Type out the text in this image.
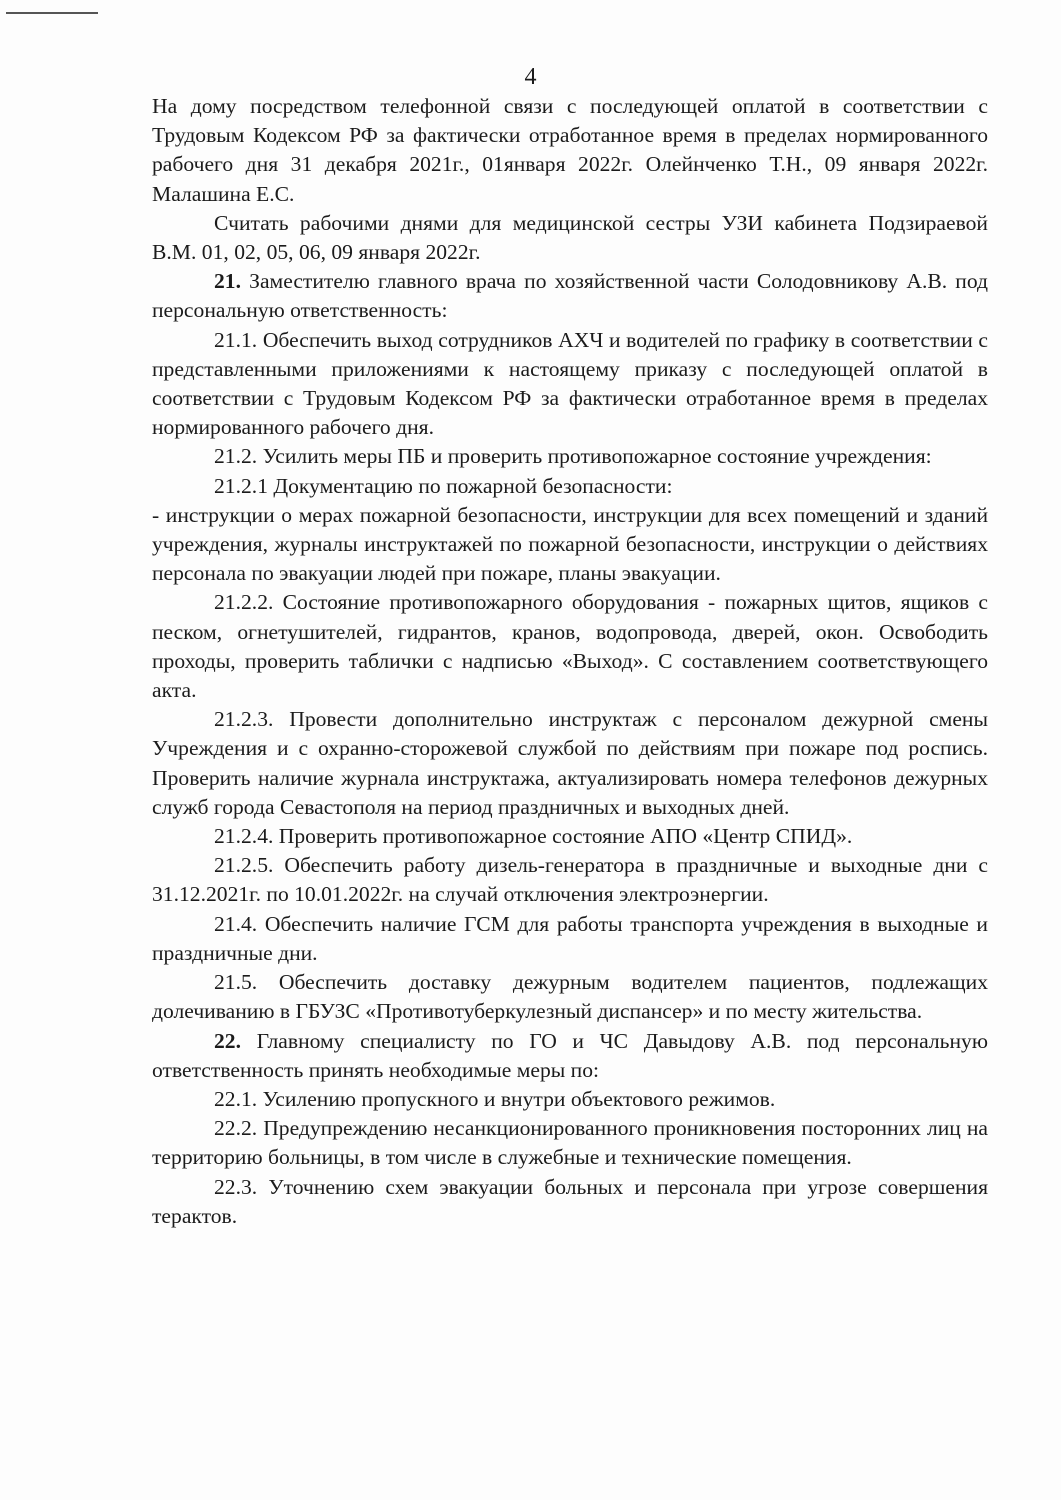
4

На дому посредством телефонной связи с последующей оплатой в соответствии с Трудовым Кодексом РФ за фактически отработанное время в пределах нормированного рабочего дня 31 декабря 2021г., 01января 2022г. Олейнченко Т.Н., 09 января 2022г. Малашина Е.С.

Считать рабочими днями для медицинской сестры УЗИ кабинета Подзираевой В.М. 01, 02, 05, 06, 09 января 2022г.

21. Заместителю главного врача по хозяйственной части Солодовникову А.В. под персональную ответственность:

21.1. Обеспечить выход сотрудников АХЧ и водителей по графику в соответствии с представленными приложениями к настоящему приказу с последующей оплатой в соответствии с Трудовым Кодексом РФ за фактически отработанное время в пределах нормированного рабочего дня.

21.2. Усилить меры ПБ и проверить противопожарное состояние учреждения:

21.2.1 Документацию по пожарной безопасности:

- инструкции о мерах пожарной безопасности, инструкции для всех помещений и зданий учреждения, журналы инструктажей по пожарной безопасности, инструкции о действиях персонала по эвакуации людей при пожаре, планы эвакуации.

21.2.2. Состояние противопожарного оборудования - пожарных щитов, ящиков с песком, огнетушителей, гидрантов, кранов, водопровода, дверей, окон. Освободить проходы, проверить таблички с надписью «Выход». С составлением соответствующего акта.

21.2.3. Провести дополнительно инструктаж с персоналом дежурной смены Учреждения и с охранно-сторожевой службой по действиям при пожаре под роспись. Проверить наличие журнала инструктажа, актуализировать номера телефонов дежурных служб города Севастополя на период праздничных и выходных дней.

21.2.4. Проверить противопожарное состояние АПО «Центр СПИД».

21.2.5. Обеспечить работу дизель-генератора в праздничные и выходные дни с 31.12.2021г. по 10.01.2022г. на случай отключения электроэнергии.

21.4. Обеспечить наличие ГСМ для работы транспорта учреждения в выходные и праздничные дни.

21.5. Обеспечить доставку дежурным водителем пациентов, подлежащих долечиванию в ГБУЗС «Противотуберкулезный диспансер» и по месту жительства.

22. Главному специалисту по ГО и ЧС Давыдову А.В. под персональную ответственность принять необходимые меры по:

22.1. Усилению пропускного и внутри объектового режимов.

22.2. Предупреждению несанкционированного проникновения посторонних лиц на территорию больницы, в том числе в служебные и технические помещения.

22.3. Уточнению схем эвакуации больных и персонала при угрозе совершения терактов.
